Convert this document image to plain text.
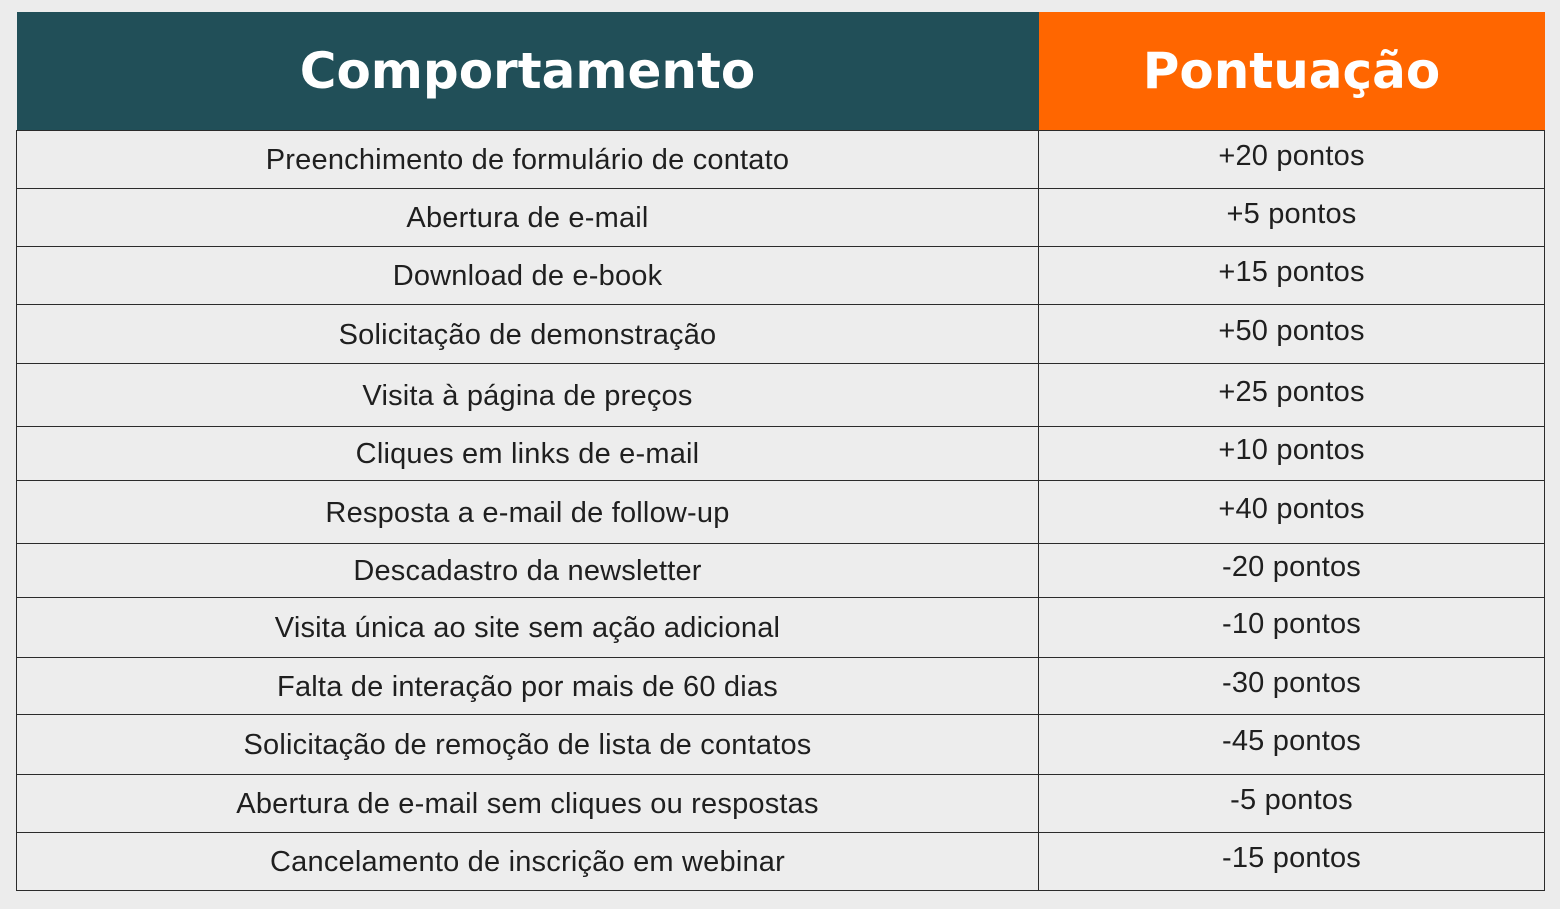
Comportamento	Pontuação
Preenchimento de formulário de contato	+20 pontos
Abertura de e-mail	+5 pontos
Download de e-book	+15 pontos
Solicitação de demonstração	+50 pontos
Visita à página de preços	+25 pontos
Cliques em links de e-mail	+10 pontos
Resposta a e-mail de follow-up	+40 pontos
Descadastro da newsletter	-20 pontos
Visita única ao site sem ação adicional	-10 pontos
Falta de interação por mais de 60 dias	-30 pontos
Solicitação de remoção de lista de contatos	-45 pontos
Abertura de e-mail sem cliques ou respostas	-5 pontos
Cancelamento de inscrição em webinar	-15 pontos
